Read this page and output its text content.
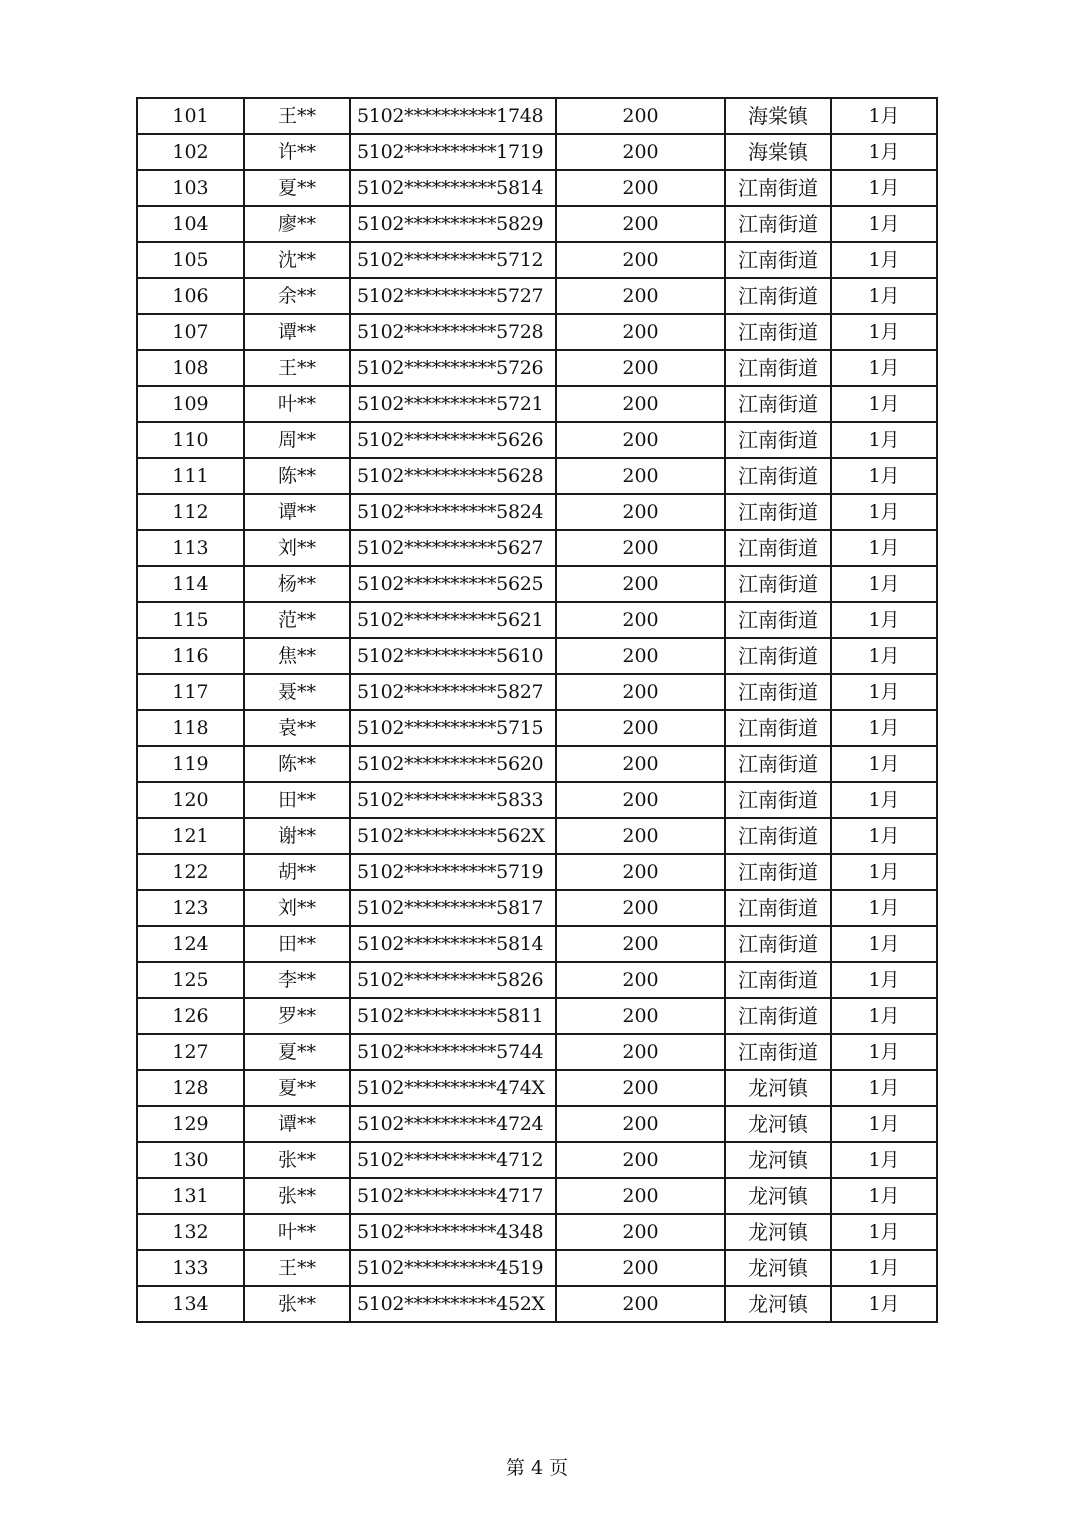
101	王**	5102**********1748	200	海棠镇	1月
102	许**	5102**********1719	200	海棠镇	1月
103	夏**	5102**********5814	200	江南街道	1月
104	廖**	5102**********5829	200	江南街道	1月
105	沈**	5102**********5712	200	江南街道	1月
106	余**	5102**********5727	200	江南街道	1月
107	谭**	5102**********5728	200	江南街道	1月
108	王**	5102**********5726	200	江南街道	1月
109	叶**	5102**********5721	200	江南街道	1月
110	周**	5102**********5626	200	江南街道	1月
111	陈**	5102**********5628	200	江南街道	1月
112	谭**	5102**********5824	200	江南街道	1月
113	刘**	5102**********5627	200	江南街道	1月
114	杨**	5102**********5625	200	江南街道	1月
115	范**	5102**********5621	200	江南街道	1月
116	焦**	5102**********5610	200	江南街道	1月
117	聂**	5102**********5827	200	江南街道	1月
118	袁**	5102**********5715	200	江南街道	1月
119	陈**	5102**********5620	200	江南街道	1月
120	田**	5102**********5833	200	江南街道	1月
121	谢**	5102**********562X	200	江南街道	1月
122	胡**	5102**********5719	200	江南街道	1月
123	刘**	5102**********5817	200	江南街道	1月
124	田**	5102**********5814	200	江南街道	1月
125	李**	5102**********5826	200	江南街道	1月
126	罗**	5102**********5811	200	江南街道	1月
127	夏**	5102**********5744	200	江南街道	1月
128	夏**	5102**********474X	200	龙河镇	1月
129	谭**	5102**********4724	200	龙河镇	1月
130	张**	5102**********4712	200	龙河镇	1月
131	张**	5102**********4717	200	龙河镇	1月
132	叶**	5102**********4348	200	龙河镇	1月
133	王**	5102**********4519	200	龙河镇	1月
134	张**	5102**********452X	200	龙河镇	1月
第 4 页
